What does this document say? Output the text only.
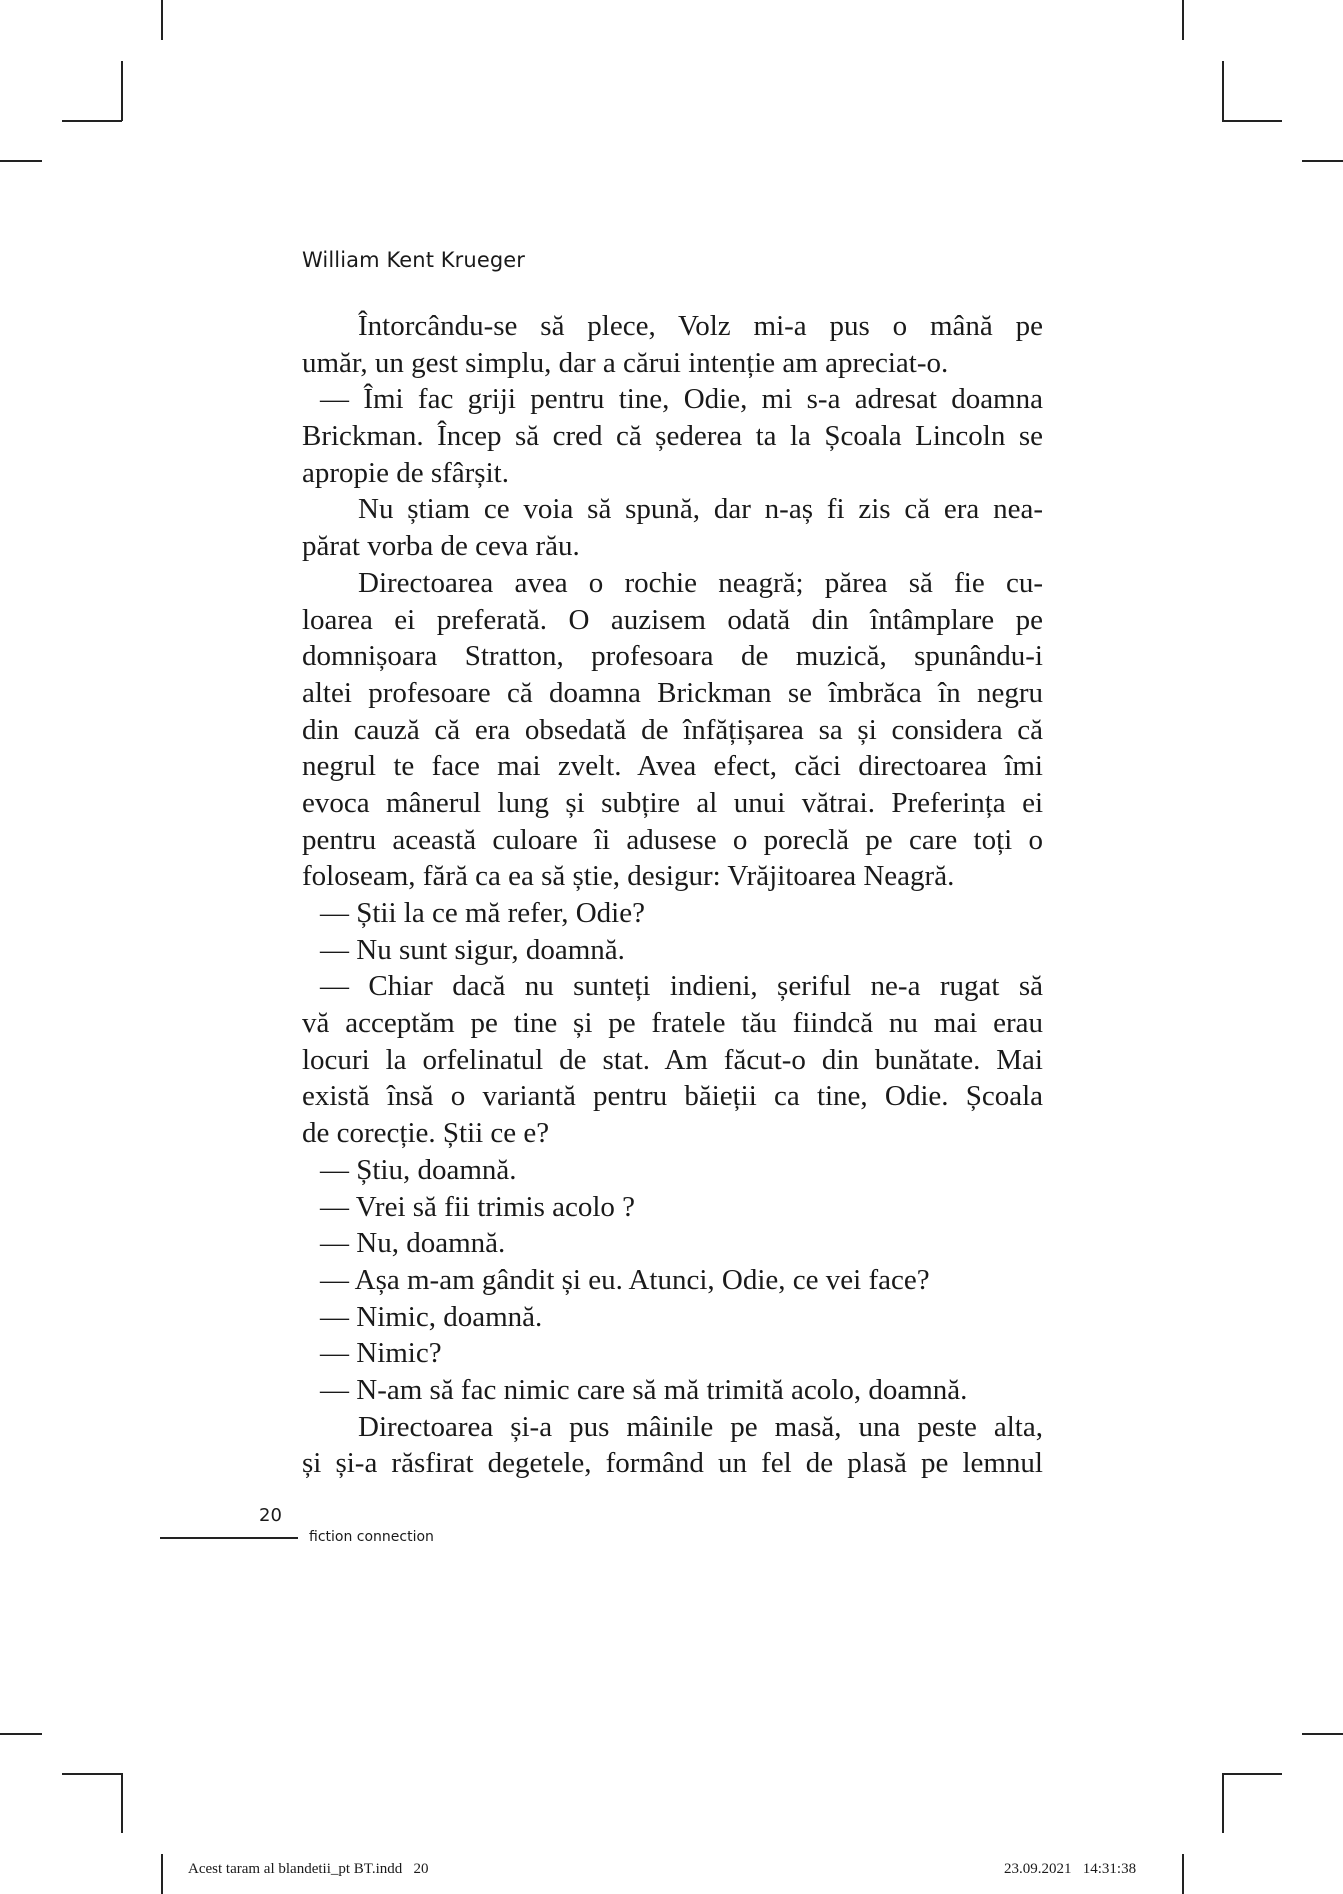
William Kent Krueger
Întorcându-se să plece, Volz mi-a pus o mână pe
umăr, un gest simplu, dar a cărui intenție am apreciat-o.
— Îmi fac griji pentru tine, Odie, mi s-a adresat doamna
Brickman. Încep să cred că șederea ta la Școala Lincoln se
apropie de sfârșit.
Nu știam ce voia să spună, dar n-aș fi zis că era nea-
părat vorba de ceva rău.
Directoarea avea o rochie neagră; părea să fie cu-
loarea ei preferată. O auzisem odată din întâmplare pe
domnișoara Stratton, profesoara de muzică, spunându-i
altei profesoare că doamna Brickman se îmbrăca în negru
din cauză că era obsedată de înfățișarea sa și considera că
negrul te face mai zvelt. Avea efect, căci directoarea îmi
evoca mânerul lung și subțire al unui vătrai. Preferința ei
pentru această culoare îi adusese o poreclă pe care toți o
foloseam, fără ca ea să știe, desigur: Vrăjitoarea Neagră.
— Știi la ce mă refer, Odie?
— Nu sunt sigur, doamnă.
— Chiar dacă nu sunteți indieni, șeriful ne-a rugat să
vă acceptăm pe tine și pe fratele tău fiindcă nu mai erau
locuri la orfelinatul de stat. Am făcut-o din bunătate. Mai
există însă o variantă pentru băieții ca tine, Odie. Școala
de corecție. Știi ce e?
— Știu, doamnă.
— Vrei să fii trimis acolo ?
— Nu, doamnă.
— Așa m-am gândit și eu. Atunci, Odie, ce vei face?
— Nimic, doamnă.
— Nimic?
— N-am să fac nimic care să mă trimită acolo, doamnă.
Directoarea și-a pus mâinile pe masă, una peste alta,
și și-a răsfirat degetele, formând un fel de plasă pe lemnul
20
fiction connection
Acest taram al blandetii_pt BT.indd   20	23.09.2021   14:31:38
